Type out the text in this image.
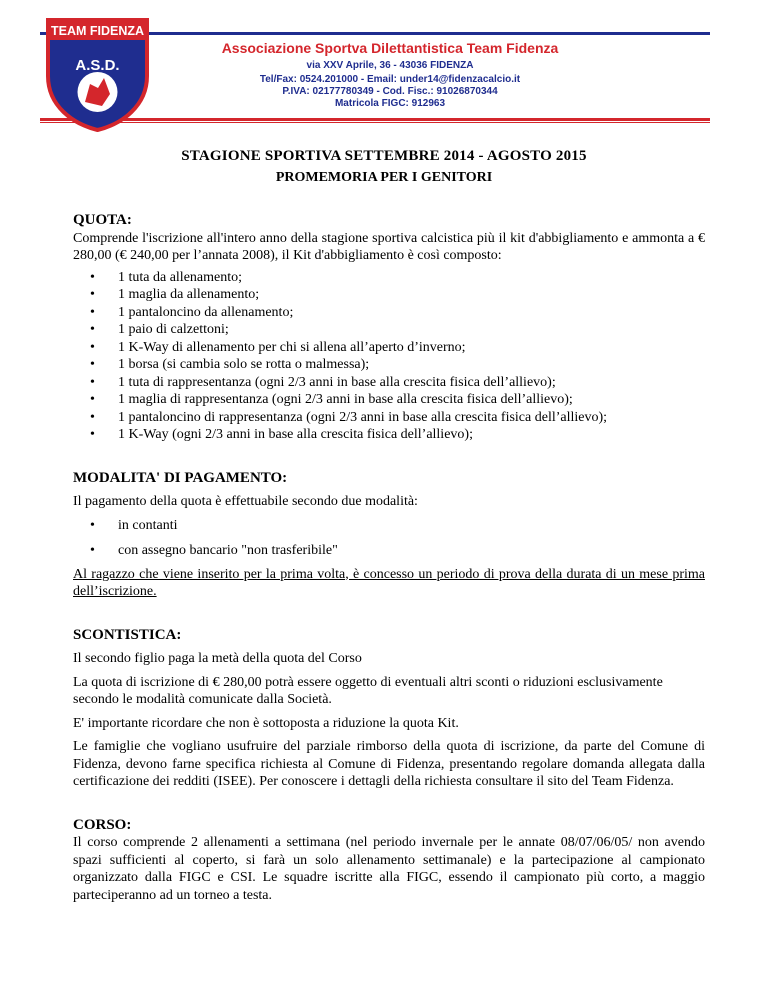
TEAM FIDENZA
A.S.D.
Associazione Sportva Dilettantistica Team Fidenza
via XXV Aprile, 36 - 43036 FIDENZA
Tel/Fax: 0524.201000 - Email: under14@fidenzacalcio.it
P.IVA: 02177780349 - Cod. Fisc.: 91026870344
Matricola FIGC: 912963
STAGIONE SPORTIVA SETTEMBRE 2014 - AGOSTO 2015
PROMEMORIA PER I GENITORI

QUOTA:

Comprende l'iscrizione all'intero anno della stagione sportiva calcistica più il kit d'abbigliamento e ammonta a € 280,00 (€ 240,00 per l’annata 2008), il Kit d'abbigliamento è così composto:

• 1 tuta da allenamento;
• 1 maglia da allenamento;
• 1 pantaloncino da allenamento;
• 1 paio di calzettoni;
• 1 K-Way di allenamento per chi si allena all’aperto d’inverno;
• 1 borsa (si cambia solo se rotta o malmessa);
• 1 tuta di rappresentanza (ogni 2/3 anni in base alla crescita fisica dell’allievo);
• 1 maglia di rappresentanza (ogni 2/3 anni in base alla crescita fisica dell’allievo);
• 1 pantaloncino di rappresentanza (ogni 2/3 anni in base alla crescita fisica dell’allievo);
• 1 K-Way (ogni 2/3 anni in base alla crescita fisica dell’allievo);

MODALITA' DI PAGAMENTO:

Il pagamento della quota è effettuabile secondo due modalità:

• in contanti
• con assegno bancario "non trasferibile"

Al ragazzo che viene inserito per la prima volta, è concesso un periodo di prova della durata di un mese prima dell’iscrizione.

SCONTISTICA:

Il secondo figlio paga la metà della quota del Corso

La quota di iscrizione di € 280,00 potrà essere oggetto di eventuali altri sconti o riduzioni esclusivamente secondo le modalità comunicate dalla Società.

E' importante ricordare che non è sottoposta a riduzione la quota Kit.

Le famiglie che vogliano usufruire del parziale rimborso della quota di iscrizione, da parte del Comune di Fidenza, devono farne specifica richiesta al Comune di Fidenza, presentando regolare domanda allegata dalla certificazione dei redditi (ISEE). Per conoscere i dettagli della richiesta consultare il sito del Team Fidenza.

CORSO:

Il corso comprende 2 allenamenti a settimana (nel periodo invernale per le annate 08/07/06/05/ non avendo spazi sufficienti al coperto, si farà un solo allenamento settimanale) e la partecipazione al campionato organizzato dalla FIGC e CSI. Le squadre iscritte alla FIGC, essendo il campionato più corto, a maggio parteciperanno ad un torneo a testa.
